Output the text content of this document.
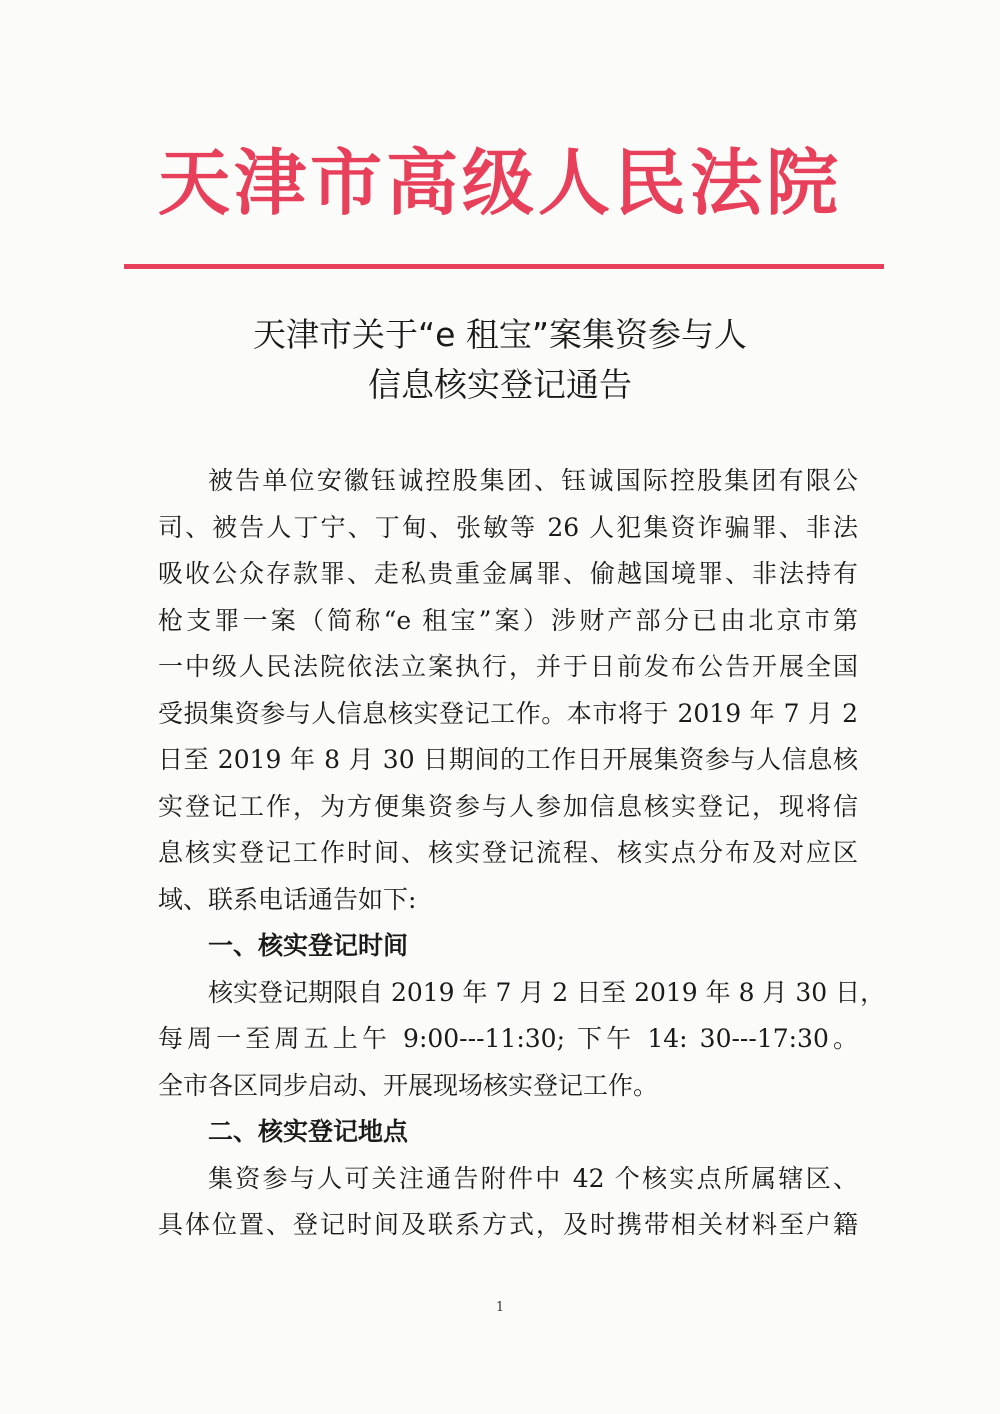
天津市高级人民法院
天津市关于“e 租宝”案集资参与人
信息核实登记通告
被告单位安徽钰诚控股集团、钰诚国际控股集团有限公
司、被告人丁宁、丁甸、张敏等 26 人犯集资诈骗罪、非法
吸收公众存款罪、走私贵重金属罪、偷越国境罪、非法持有
枪支罪一案（简称“e 租宝”案）涉财产部分已由北京市第
一中级人民法院依法立案执行，并于日前发布公告开展全国
受损集资参与人信息核实登记工作。本市将于 2019 年 7 月 2
日至 2019 年 8 月 30 日期间的工作日开展集资参与人信息核
实登记工作，为方便集资参与人参加信息核实登记，现将信
息核实登记工作时间、核实登记流程、核实点分布及对应区
域、联系电话通告如下:
一、核实登记时间
核实登记期限自 2019 年 7 月 2 日至 2019 年 8 月 30 日，
每周一至周五上午 9:00---11:30; 下午 14: 30---17:30。
全市各区同步启动、开展现场核实登记工作。
二、核实登记地点
集资参与人可关注通告附件中 42 个核实点所属辖区、
具体位置、登记时间及联系方式，及时携带相关材料至户籍
1
